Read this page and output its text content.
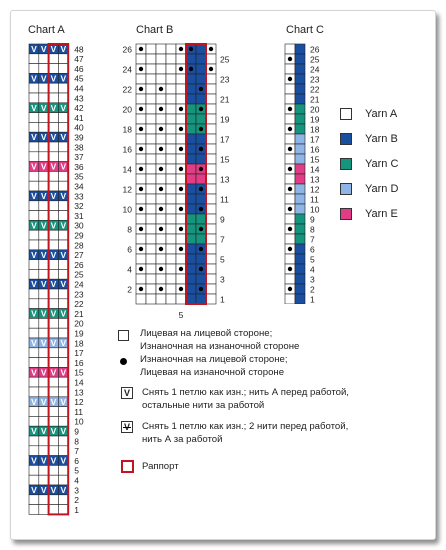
Chart A	Chart B	Chart C
V V V V 48
47
46
V V V V 45
44
43
V V V V 42
41
40
V V V V 39
38
37
V V V V 36
35
34
V V V V 33
32
31
V V V V 30
29
28
V V V V 27
26
25
V V V V 24
23
22
V V V V 21
20
19
V V V V 18
17
16
V V V V 15
14
13
V V V V 12
11
10
V V V V 9
8
7
V V V V 6
5
4
V V V V 3
2
1
26
25
24
23
22
21
20
19
18
17
16
15
14
13
12
11
10
9
8
7
6
5
4
3
2
1
5
26
25
24
23
22
21
20
19
18
17
16
15
14
13
12
11
10
9
8
7
6
5
4
3
2
1
Yarn A
Yarn B
Yarn C
Yarn D
Yarn E
Лицевая на лицевой стороне;
Изнаночная на изнаночной стороне
Изнаночная на лицевой стороне;
Лицевая на изнаночной стороне
V Снять 1 петлю как изн.; нить А перед работой,
остальные нити за работой
Снять 1 петлю как изн.; 2 нити перед работой,
нить А за работой
Раппорт
